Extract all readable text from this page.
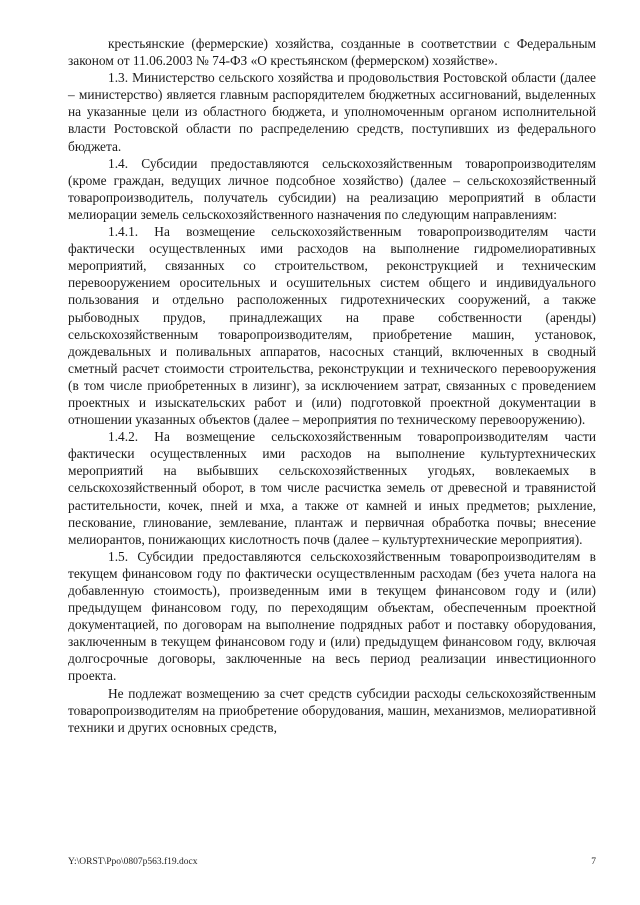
крестьянские (фермерские) хозяйства, созданные в соответствии с Федеральным законом от 11.06.2003 № 74-ФЗ «О крестьянском (фермерском) хозяйстве».

1.3. Министерство сельского хозяйства и продовольствия Ростовской области (далее – министерство) является главным распорядителем бюджетных ассигнований, выделенных на указанные цели из областного бюджета, и уполномоченным органом исполнительной власти Ростовской области по распределению средств, поступивших из федерального бюджета.

1.4. Субсидии предоставляются сельскохозяйственным товаропроизводителям (кроме граждан, ведущих личное подсобное хозяйство) (далее – сельскохозяйственный товаропроизводитель, получатель субсидии) на реализацию мероприятий в области мелиорации земель сельскохозяйственного назначения по следующим направлениям:

1.4.1. На возмещение сельскохозяйственным товаропроизводителям части фактически осуществленных ими расходов на выполнение гидромелиоративных мероприятий, связанных со строительством, реконструкцией и техническим перевооружением оросительных и осушительных систем общего и индивидуального пользования и отдельно расположенных гидротехнических сооружений, а также рыбоводных прудов, принадлежащих на праве собственности (аренды) сельскохозяйственным товаропроизводителям, приобретение машин, установок, дождевальных и поливальных аппаратов, насосных станций, включенных в сводный сметный расчет стоимости строительства, реконструкции и технического перевооружения (в том числе приобретенных в лизинг), за исключением затрат, связанных с проведением проектных и изыскательских работ и (или) подготовкой проектной документации в отношении указанных объектов (далее – мероприятия по техническому перевооружению).

1.4.2. На возмещение сельскохозяйственным товаропроизводителям части фактически осуществленных ими расходов на выполнение культуртехнических мероприятий на выбывших сельскохозяйственных угодьях, вовлекаемых в сельскохозяйственный оборот, в том числе расчистка земель от древесной и травянистой растительности, кочек, пней и мха, а также от камней и иных предметов; рыхление, пескование, глинование, землевание, плантаж и первичная обработка почвы; внесение мелиорантов, понижающих кислотность почв (далее – культуртехнические мероприятия).

1.5. Субсидии предоставляются сельскохозяйственным товаропроизводителям в текущем финансовом году по фактически осуществленным расходам (без учета налога на добавленную стоимость), произведенным ими в текущем финансовом году и (или) предыдущем финансовом году, по переходящим объектам, обеспеченным проектной документацией, по договорам на выполнение подрядных работ и поставку оборудования, заключенным в текущем финансовом году и (или) предыдущем финансовом году, включая долгосрочные договоры, заключенные на весь период реализации инвестиционного проекта.

Не подлежат возмещению за счет средств субсидии расходы сельскохозяйственным товаропроизводителям на приобретение оборудования, машин, механизмов, мелиоративной техники и других основных средств,

Y:\ORST\Ppo\0807p563.f19.docx	7
